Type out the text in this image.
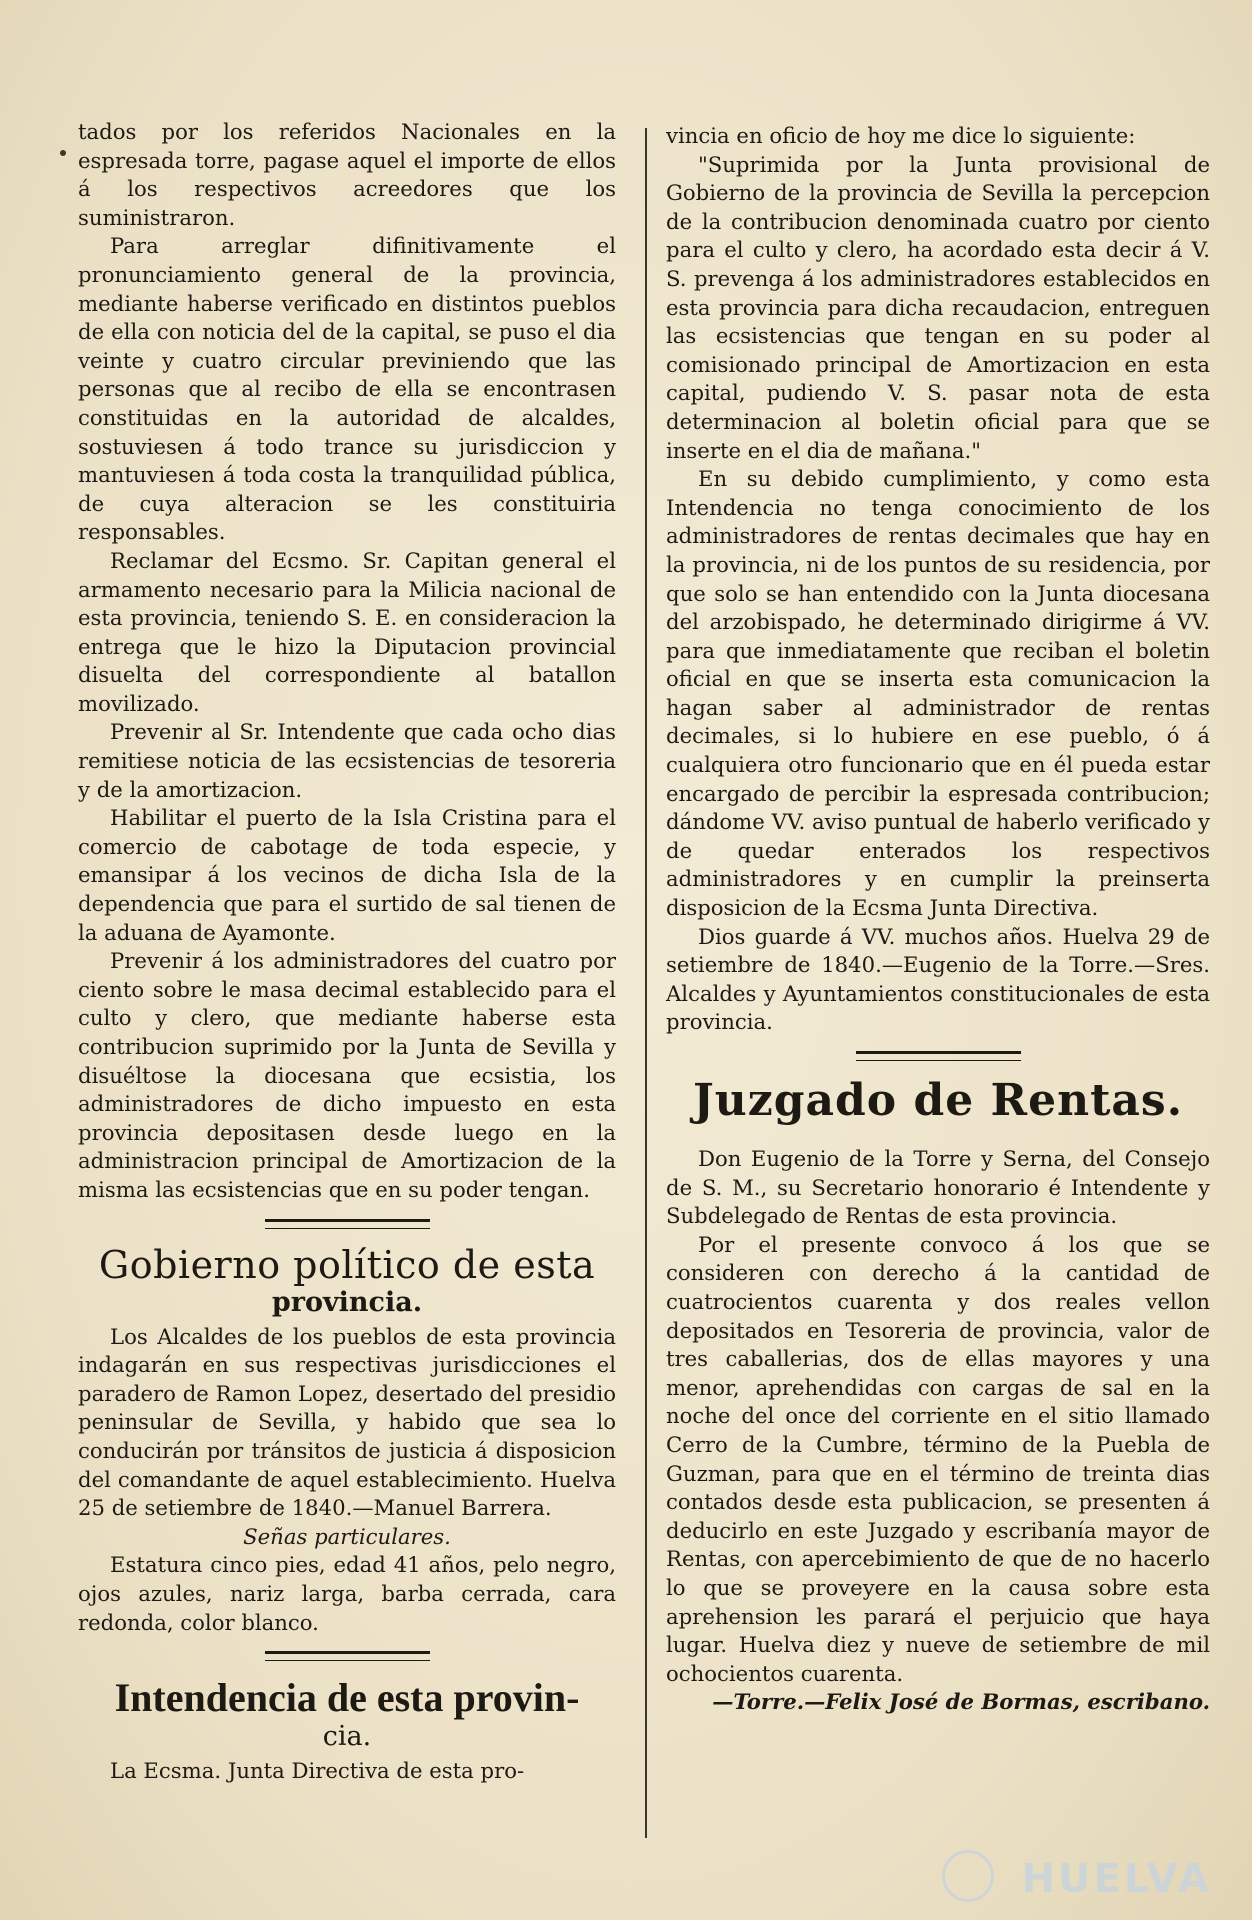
tados por los referidos Nacionales en la espresada torre, pagase aquel el importe de ellos á los respectivos acreedores que los suministraron.

Para arreglar difinitivamente el pronunciamiento general de la provincia, mediante haberse verificado en distintos pueblos de ella con noticia del de la capital, se puso el dia veinte y cuatro circular previniendo que las personas que al recibo de ella se encontrasen constituidas en la autoridad de alcaldes, sostuviesen á todo trance su jurisdiccion y mantuviesen á toda costa la tranquilidad pública, de cuya alteracion se les constituiria responsables.

Reclamar del Ecsmo. Sr. Capitan general el armamento necesario para la Milicia nacional de esta provincia, teniendo S. E. en consideracion la entrega que le hizo la Diputacion provincial disuelta del correspondiente al batallon movilizado.

Prevenir al Sr. Intendente que cada ocho dias remitiese noticia de las ecsistencias de tesoreria y de la amortizacion.

Habilitar el puerto de la Isla Cristina para el comercio de cabotage de toda especie, y emansipar á los vecinos de dicha Isla de la dependencia que para el surtido de sal tienen de la aduana de Ayamonte.

Prevenir á los administradores del cuatro por ciento sobre le masa decimal establecido para el culto y clero, que mediante haberse esta contribucion suprimido por la Junta de Sevilla y disuéltose la diocesana que ecsistia, los administradores de dicho impuesto en esta provincia depositasen desde luego en la administracion principal de Amortizacion de la misma las ecsistencias que en su poder tengan.

Gobierno político de esta
provincia.

Los Alcaldes de los pueblos de esta provincia indagarán en sus respectivas jurisdicciones el paradero de Ramon Lopez, desertado del presidio peninsular de Sevilla, y habido que sea lo conducirán por tránsitos de justicia á disposicion del comandante de aquel establecimiento. Huelva 25 de setiembre de 1840.—Manuel Barrera.

Señas particulares.

Estatura cinco pies, edad 41 años, pelo negro, ojos azules, nariz larga, barba cerrada, cara redonda, color blanco.

Intendencia de esta provin-
cia.

La Ecsma. Junta Directiva de esta pro-

vincia en oficio de hoy me dice lo siguiente:

"Suprimida por la Junta provisional de Gobierno de la provincia de Sevilla la percepcion de la contribucion denominada cuatro por ciento para el culto y clero, ha acordado esta decir á V. S. prevenga á los administradores establecidos en esta provincia para dicha recaudacion, entreguen las ecsistencias que tengan en su poder al comisionado principal de Amortizacion en esta capital, pudiendo V. S. pasar nota de esta determinacion al boletin oficial para que se inserte en el dia de mañana."

En su debido cumplimiento, y como esta Intendencia no tenga conocimiento de los administradores de rentas decimales que hay en la provincia, ni de los puntos de su residencia, por que solo se han entendido con la Junta diocesana del arzobispado, he determinado dirigirme á VV. para que inmediatamente que reciban el boletin oficial en que se inserta esta comunicacion la hagan saber al administrador de rentas decimales, si lo hubiere en ese pueblo, ó á cualquiera otro funcionario que en él pueda estar encargado de percibir la espresada contribucion; dándome VV. aviso puntual de haberlo verificado y de quedar enterados los respectivos administradores y en cumplir la preinserta disposicion de la Ecsma Junta Directiva.

Dios guarde á VV. muchos años. Huelva 29 de setiembre de 1840.—Eugenio de la Torre.—Sres. Alcaldes y Ayuntamientos constitucionales de esta provincia.

Juzgado de Rentas.

Don Eugenio de la Torre y Serna, del Consejo de S. M., su Secretario honorario é Intendente y Subdelegado de Rentas de esta provincia.

Por el presente convoco á los que se consideren con derecho á la cantidad de cuatrocientos cuarenta y dos reales vellon depositados en Tesoreria de provincia, valor de tres caballerias, dos de ellas mayores y una menor, aprehendidas con cargas de sal en la noche del once del corriente en el sitio llamado Cerro de la Cumbre, término de la Puebla de Guzman, para que en el término de treinta dias contados desde esta publicacion, se presenten á deducirlo en este Juzgado y escribanía mayor de Rentas, con apercebimiento de que de no hacerlo lo que se proveyere en la causa sobre esta aprehension les parará el perjuicio que haya lugar. Huelva diez y nueve de setiembre de mil ochocientos cuarenta.

—Torre.—Felix José de Bormas, escribano.

HUELVA
